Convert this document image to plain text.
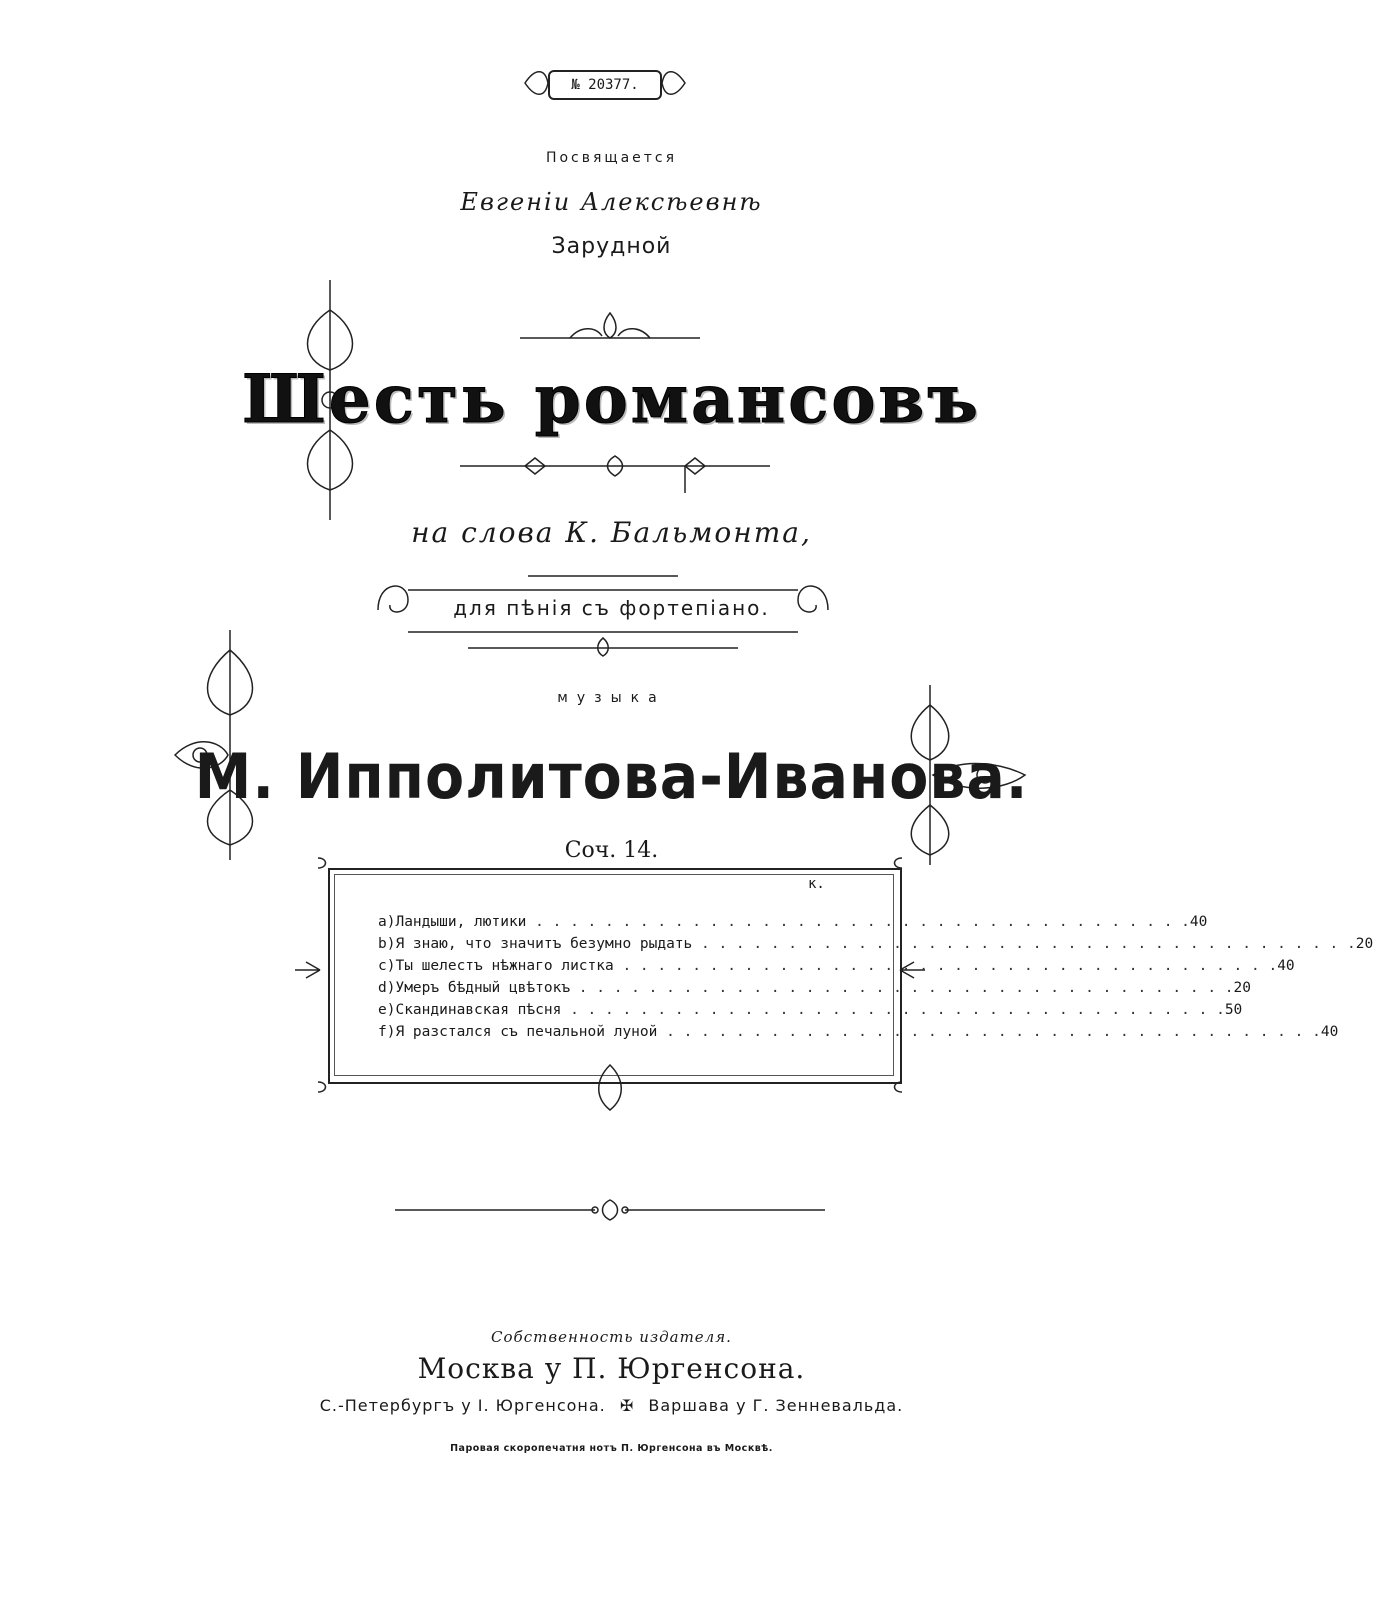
№ 20377.
Посвящается
Евгеніи Алексѣевнѣ
Зарудной
Шесть романсовъ
на слова К. Бальмонта,
для пѣнія съ фортепіано.
музыка
М. Ипполитова-Иванова.
Соч. 14.
к.
a) Ландыши, лютики . . . . . . . . . . . . . . . . . . . . . . . . . . . . . . . . . . . . . . 40
b) Я знаю, что значитъ безумно рыдать . . . . . . . . . . . . . . . . . . . . . . . . . . . . . . . . . . . . . . 20
c) Ты шелестъ нѣжнаго листка . . . . . . . . . . . . . . . . . . . . . . . . . . . . . . . . . . . . . . 40
d) Умеръ бѣдный цвѣтокъ . . . . . . . . . . . . . . . . . . . . . . . . . . . . . . . . . . . . . . 20
e) Скандинавская пѣсня . . . . . . . . . . . . . . . . . . . . . . . . . . . . . . . . . . . . . . 50
f) Я разстался съ печальной луной . . . . . . . . . . . . . . . . . . . . . . . . . . . . . . . . . . . . . . 40
Собственность издателя.
Москва у П. Юргенсона.
С.-Петербургъ у І. Юргенсона. ✠ Варшава у Г. Зенневальда.
Паровая скоропечатня нотъ П. Юргенсона въ Москвѣ.
